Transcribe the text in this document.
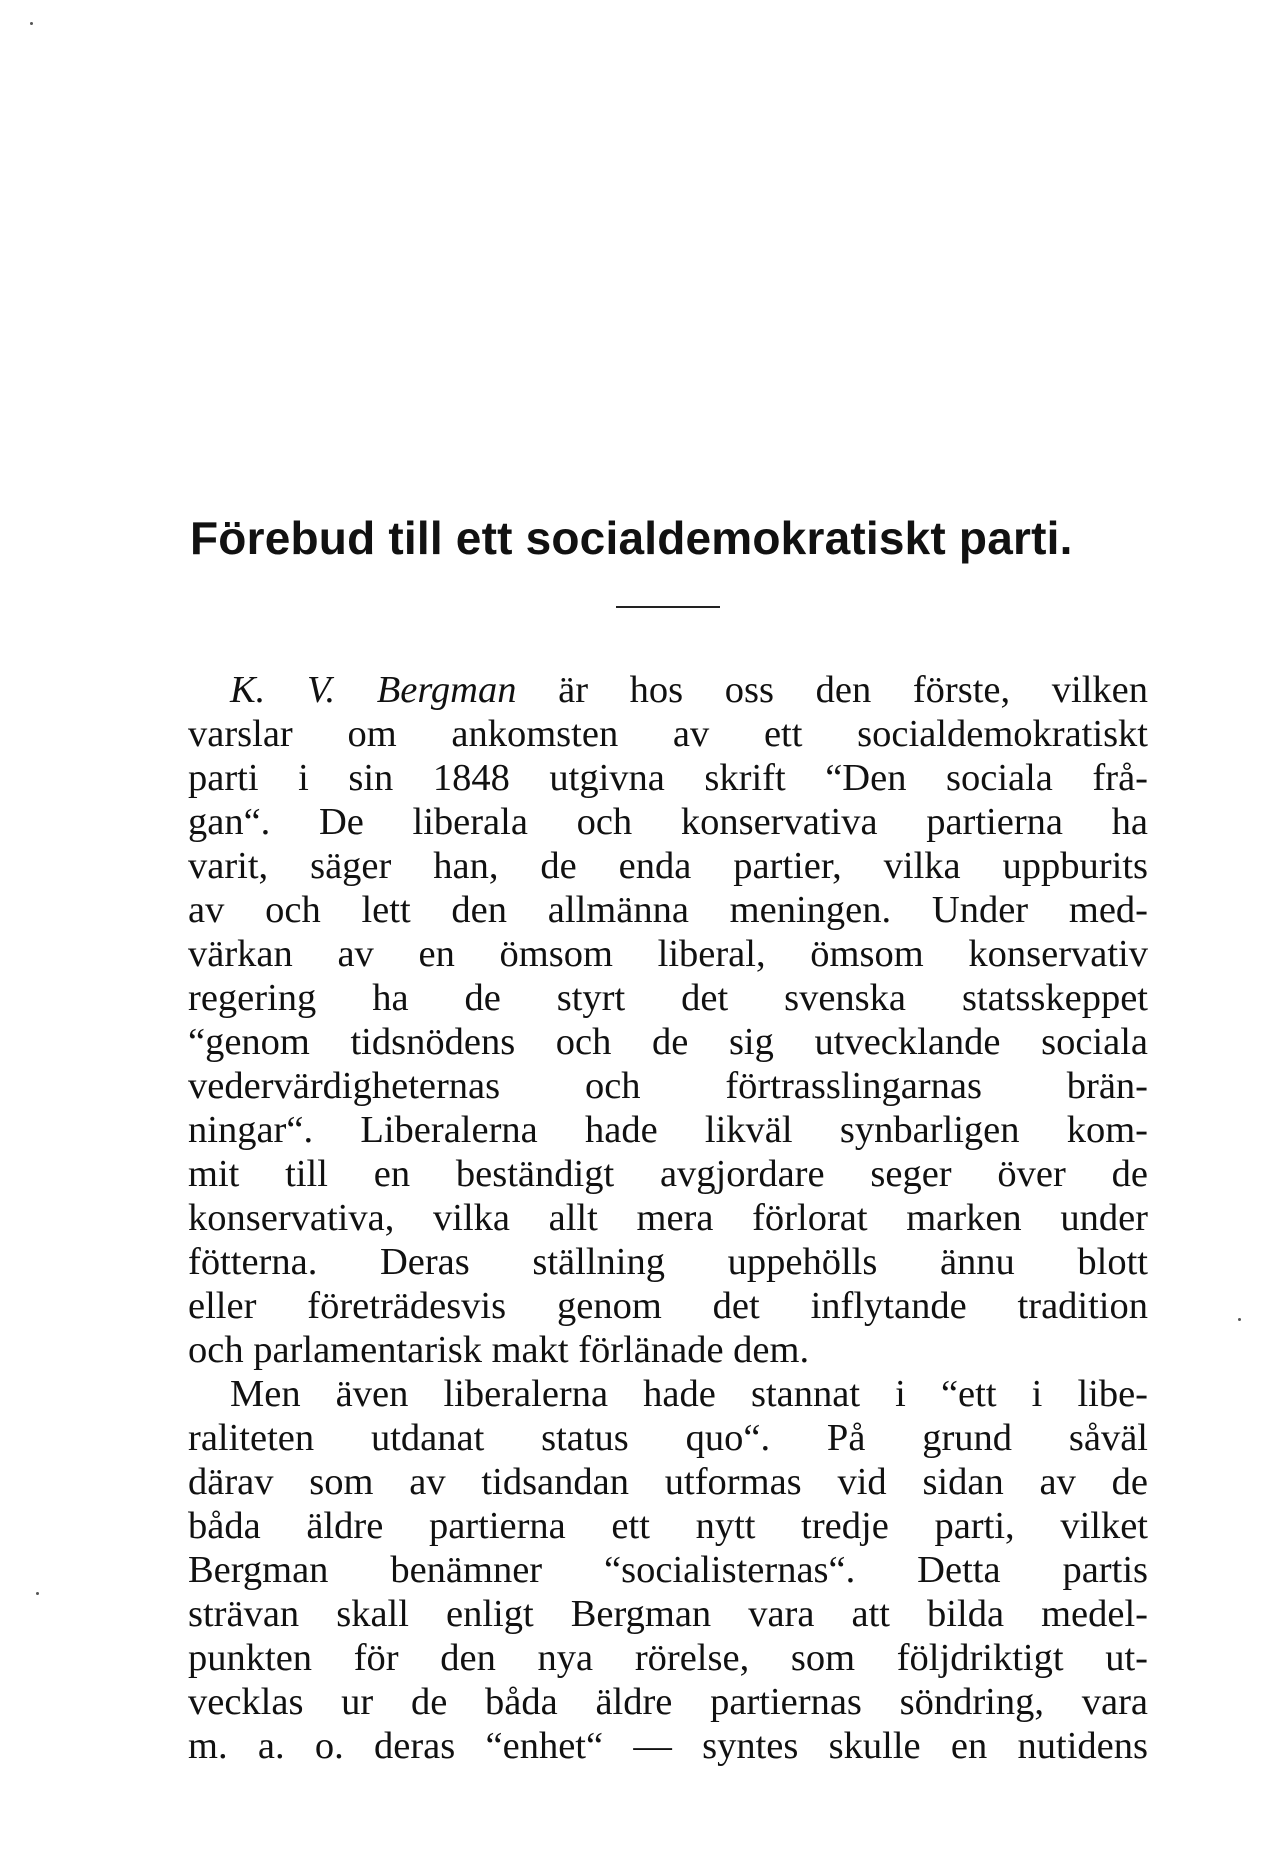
Förebud till ett socialdemokratiskt parti.
K. V. Bergman är hos oss den förste, vilken
varslar om ankomsten av ett socialdemokratiskt
parti i sin 1848 utgivna skrift “Den sociala frå-
gan“. De liberala och konservativa partierna ha
varit, säger han, de enda partier, vilka uppburits
av och lett den allmänna meningen. Under med-
värkan av en ömsom liberal, ömsom konservativ
regering ha de styrt det svenska statsskeppet
“genom tidsnödens och de sig utvecklande sociala
vedervärdigheternas och förtrasslingarnas brän-
ningar“. Liberalerna hade likväl synbarligen kom-
mit till en beständigt avgjordare seger över de
konservativa, vilka allt mera förlorat marken under
fötterna. Deras ställning uppehölls ännu blott
eller företrädesvis genom det inflytande tradition
och parlamentarisk makt förlänade dem.
Men även liberalerna hade stannat i “ett i libe-
raliteten utdanat status quo“. På grund såväl
därav som av tidsandan utformas vid sidan av de
båda äldre partierna ett nytt tredje parti, vilket
Bergman benämner “socialisternas“. Detta partis
strävan skall enligt Bergman vara att bilda medel-
punkten för den nya rörelse, som följdriktigt ut-
vecklas ur de båda äldre partiernas söndring, vara
m. a. o. deras “enhet“ — syntes skulle en nutidens
